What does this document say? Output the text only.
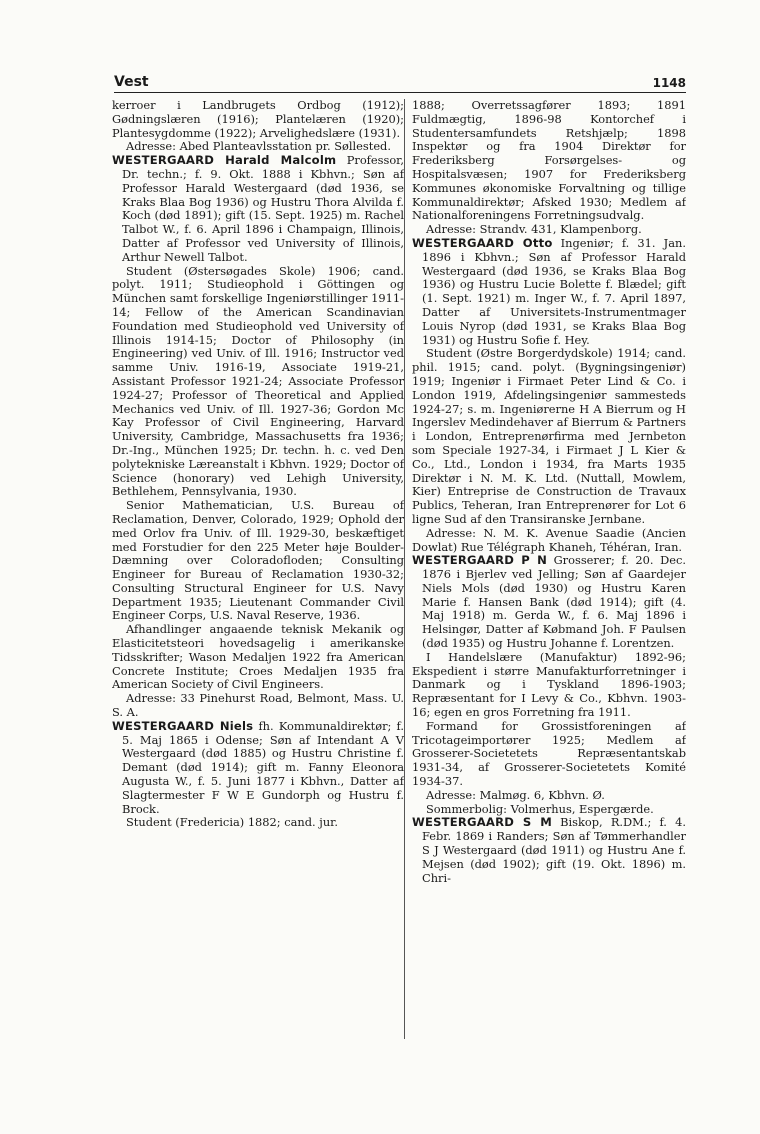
Vest	1148

kerroer i Landbrugets Ordbog (1912); Gødningslæren (1916); Plantelæren (1920); Plantesygdomme (1922); Arvelighedslære (1931).

Adresse: Abed Planteavlsstation pr. Søllested.

WESTERGAARD Harald Malcolm Professor, Dr. techn.; f. 9. Okt. 1888 i Kbhvn.; Søn af Professor Harald Westergaard (død 1936, se Kraks Blaa Bog 1936) og Hustru Thora Alvilda f. Koch (død 1891); gift (15. Sept. 1925) m. Rachel Talbot W., f. 6. April 1896 i Champaign, Illinois, Datter af Professor ved University of Illinois, Arthur Newell Talbot.

Student (Østersøgades Skole) 1906; cand. polyt. 1911; Studieophold i Göttingen og München samt forskellige Ingeniørstillinger 1911-14; Fellow of the American Scandinavian Foundation med Studieophold ved University of Illinois 1914-15; Doctor of Philosophy (in Engineering) ved Univ. of Ill. 1916; Instructor ved samme Univ. 1916-19, Associate 1919-21, Assistant Professor 1921-24; Associate Professor 1924-27; Professor of Theoretical and Applied Mechanics ved Univ. of Ill. 1927-36; Gordon Mc Kay Professor of Civil Engineering, Harvard University, Cambridge, Massachusetts fra 1936; Dr.-Ing., München 1925; Dr. techn. h. c. ved Den polytekniske Læreanstalt i Kbhvn. 1929; Doctor of Science (honorary) ved Lehigh University, Bethlehem, Pennsylvania, 1930.

Senior Mathematician, U.S. Bureau of Reclamation, Denver, Colorado, 1929; Ophold der med Orlov fra Univ. of Ill. 1929-30, beskæftiget med Forstudier for den 225 Meter høje Boulder-Dæmning over Coloradofloden; Consulting Engineer for Bureau of Reclamation 1930-32; Consulting Structural Engineer for U.S. Navy Department 1935; Lieutenant Commander Civil Engineer Corps, U.S. Naval Reserve, 1936.

Afhandlinger angaaende teknisk Mekanik og Elasticitetsteori hovedsagelig i amerikanske Tidsskrifter; Wason Medaljen 1922 fra American Concrete Institute; Croes Medaljen 1935 fra American Society of Civil Engineers.

Adresse: 33 Pinehurst Road, Belmont, Mass. U. S. A.

WESTERGAARD Niels fh. Kommunaldirektør; f. 5. Maj 1865 i Odense; Søn af Intendant A V Westergaard (død 1885) og Hustru Christine f. Demant (død 1914); gift m. Fanny Eleonora Augusta W., f. 5. Juni 1877 i Kbhvn., Datter af Slagtermester F W E Gundorph og Hustru f. Brock.

Student (Fredericia) 1882; cand. jur.

1888; Overretssagfører 1893; 1891 Fuldmægtig, 1896-98 Kontorchef i Studentersamfundets Retshjælp; 1898 Inspektør og fra 1904 Direktør for Frederiksberg Forsørgelses- og Hospitalsvæsen; 1907 for Frederiksberg Kommunes økonomiske Forvaltning og tillige Kommunaldirektør; Afsked 1930; Medlem af Nationalforeningens Forretningsudvalg.

Adresse: Strandv. 431, Klampenborg.

WESTERGAARD Otto Ingeniør; f. 31. Jan. 1896 i Kbhvn.; Søn af Professor Harald Westergaard (død 1936, se Kraks Blaa Bog 1936) og Hustru Lucie Bolette f. Blædel; gift (1. Sept. 1921) m. Inger W., f. 7. April 1897, Datter af Universitets-Instrumentmager Louis Nyrop (død 1931, se Kraks Blaa Bog 1931) og Hustru Sofie f. Hey.

Student (Østre Borgerdydskole) 1914; cand. phil. 1915; cand. polyt. (Bygningsingeniør) 1919; Ingeniør i Firmaet Peter Lind & Co. i London 1919, Afdelingsingeniør sammesteds 1924-27; s. m. Ingeniørerne H A Bierrum og H Ingerslev Medindehaver af Bierrum & Partners i London, Entreprenørfirma med Jernbeton som Speciale 1927-34, i Firmaet J L Kier & Co., Ltd., London i 1934, fra Marts 1935 Direktør i N. M. K. Ltd. (Nuttall, Mowlem, Kier) Entreprise de Construction de Travaux Publics, Teheran, Iran Entreprenører for Lot 6 ligne Sud af den Transiranske Jernbane.

Adresse: N. M. K. Avenue Saadie (Ancien Dowlat) Rue Télégraph Khaneh, Téhéran, Iran.

WESTERGAARD P N Grosserer; f. 20. Dec. 1876 i Bjerlev ved Jelling; Søn af Gaardejer Niels Mols (død 1930) og Hustru Karen Marie f. Hansen Bank (død 1914); gift (4. Maj 1918) m. Gerda W., f. 6. Maj 1896 i Helsingør, Datter af Købmand Joh. F Paulsen (død 1935) og Hustru Johanne f. Lorentzen.

I Handelslære (Manufaktur) 1892-96; Ekspedient i større Manufakturforretninger i Danmark og i Tyskland 1896-1903; Repræsentant for I Levy & Co., Kbhvn. 1903-16; egen en gros Forretning fra 1911.

Formand for Grossistforeningen af Tricotageimportører 1925; Medlem af Grosserer-Societetets Repræsentantskab 1931-34, af Grosserer-Societetets Komité 1934-37.

Adresse: Malmøg. 6, Kbhvn. Ø.

Sommerbolig: Volmerhus, Espergærde.

WESTERGAARD S M Biskop, R.DM.; f. 4. Febr. 1869 i Randers; Søn af Tømmerhandler S J Westergaard (død 1911) og Hustru Ane f. Mejsen (død 1902); gift (19. Okt. 1896) m. Chri-
